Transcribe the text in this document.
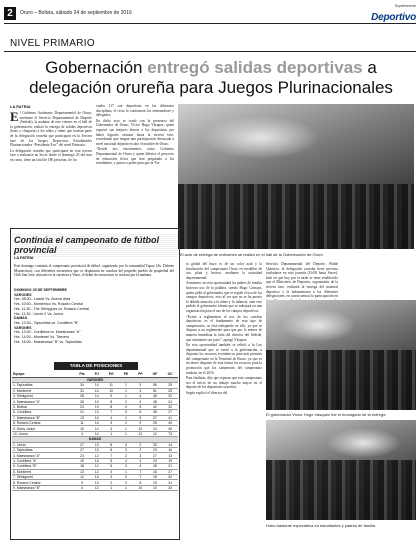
2	Oruro – Bolivia, sábado 24 de septiembre de 2016
Suplemento
Deportivo
NIVEL PRIMARIO
Gobernación entregó salidas deportivas a
delegación orureña para Juegos Plurinacionales
LA PATRIA

El Gobierno Autónomo Departamental de Oruro, mediante el Servicio Departamental de Deporte (Sedede), la mañana de este viernes en el hall de la gobernación, realizó la entrega de salidas deportivas (buzo y chaqueta) a los niños y niñas que forman parte de la delegación orureña que participará en la Tercera fase de los Juegos Deportivos Estudiantiles Plurinacionales “Presidente Evo” del nivel Primario.

La delegación orureña que participará en esta tercera fase a realizarse en Sucre desde el domingo 25 del mes en curso, tiene un total de 180 personas, de los

cuales 117 son deportistas en las diferentes disciplinas, el resto lo conforman los entrenadores y delegados.

En dicho acto se contó con la presencia del Gobernador de Oruro, Víctor Hugo Vásquez, quien expresó sus mejores deseos a los deportistas por haber logrado avanzar hasta la tercera fase, recordando que tengan una participación destacada a nivel nacional dejando en alto el nombre de Oruro.

“Donde nos encontremos como Gobierno Departamental de Oruro y quien liderice el proyecto de educación física que han preparado a los estudiantes, y juntos a padre para que la Viz-

El acto de entrega de uniformes se realizó en el hall de la Gobernación de Oruro

ta global del buzo es de un color azul y la finalización del campeonato Oruro en medallas de oro, plata y bronce, mediante la autoridad departamental.

Asimismo, en esta oportunidad los padres de familia hicieron uso de la palabra, siendo Hugo Carnaya, quien pidió al gobernador que se regule el uso de los campos deportivos, esto al ver que no se ha puesto la debida atención a la niñez y la infancia, ante este pedido el gobernador afirmó que se trabajará en una organización para el uso de los campos deportivos.

“Existe a reglamentar el uso de los canchas deportivas, es el fundamento de esta tipo de campeonatos, se está trabajando en ello, ya que se dispuso a un reglamento para que por lo menos de manera inmediata la falta del director del Sedede, que solamente sea justo”, agregó Vásquez.

En esta oportunidad también se refirió a la Ley departamental que se envió a la gobernación, a disponer los recursos económicos para más premios del campeonato en la Terminal de Buses, ya que es un deseo disponer de esta forma los recursos para la promoción que los campeones del campeonato tendrán, en el 2016.

Para finalizar, dijo que esperan que este campeonato sea el inicio de un trabajo mucho mayor en el deporte de los deportistas orureños.

Según explicó el director del

Servicio Departamental del Deporte, Walde Quintero, la delegación orureña tiene previsto trasladarse en esta jornada (16:00 hasta Sucre), lado en que hoy por la tarde se tiene establecido que el Ministerio de Deportes, organizador de la tercera fase, realizará la entrega del material deportivo y la indumentaria a los diferentes delegaciones, en consecuencia la participación en

El gobernador Víctor Hugo Vásquez fue el encargado de la entrega
Hubo bastante expectativa en estudiantes y padres de familia
Continúa el campeonato de fútbol provincial
LA PATRIA
Este domingo continúa el campeonato provincial de fútbol, organizado por la comunidad Tapuy (Av. Dehene Montecinos), con diferentes encuentros que se disputarán en canchas del pequeño pueblo de propiedad del Club San José, ubicado en la carretera a Vinto, el debut de encuentros se iniciará por la mañana.
DOMINGO 25 DE SEPTIEMBRE
VARONES
Hrs. 08:30.- Lizanti Vs. Buena vista
Hrs. 10:00.- Monterrico Vs. Rosario Central
Hrs. 11:30.- The Stimyguez vs. Rosario Central
Hrs. 11:30.- Limón 2 Vs. Junior
DAMAS
Hrs. 12:30.- Tapicolitas vs. Cordillera "B"
VARONES
Hrs. 13:30.- Cordillera vs. Maestranza "A"
Hrs. 14:30.- Monterrei Vs. Tirecero
Hrs. 16:00.- Maestranza "B" vs. Tapicolitas
TABLA DE POSICIONES
Equipo	Pts	PJ	PG	PE	PP	GF	GC
VARONES							
1. Tapicolitas	34	14	11	1	2	56	25
2. Monterrei	31	14	10	1	3	51	25
3. Stimigueid	28	14	9	1	4	48	32
4. Maestranza "A"	26	14	8	2	4	48	24
5. Bolivar	24	13	8	0	5	42	32
6. Cordillera	21	13	7	0	6	38	27
7. Maestranza "B"	13	14	4	1	9	27	41
8. Rosario Central	11	14	3	2	9	25	49
9. Sivos Junior	10	14	3	1	10	24	49
10. Limón	4	14	1	1	12	12	73
DAMAS							
1. Limón	27	13	8	3	2	33	14
2. Tapicolitas	27	13	8	3	2	23	16
3. Maestranza "A"	23	12	7	2	3	27	13
4. Cordillera "A"	19	13	5	4	4	23	19
5. Cordillera "B"	18	12	5	3	4	28	21
6. Monterrei	13	12	4	1	7	16	27
7. Stimigueid	12	13	3	3	7	18	32
8. Rosario Central	9	13	2	3	8	15	31
9. Maestranza "B"	4	12	1	1	10	10	34
